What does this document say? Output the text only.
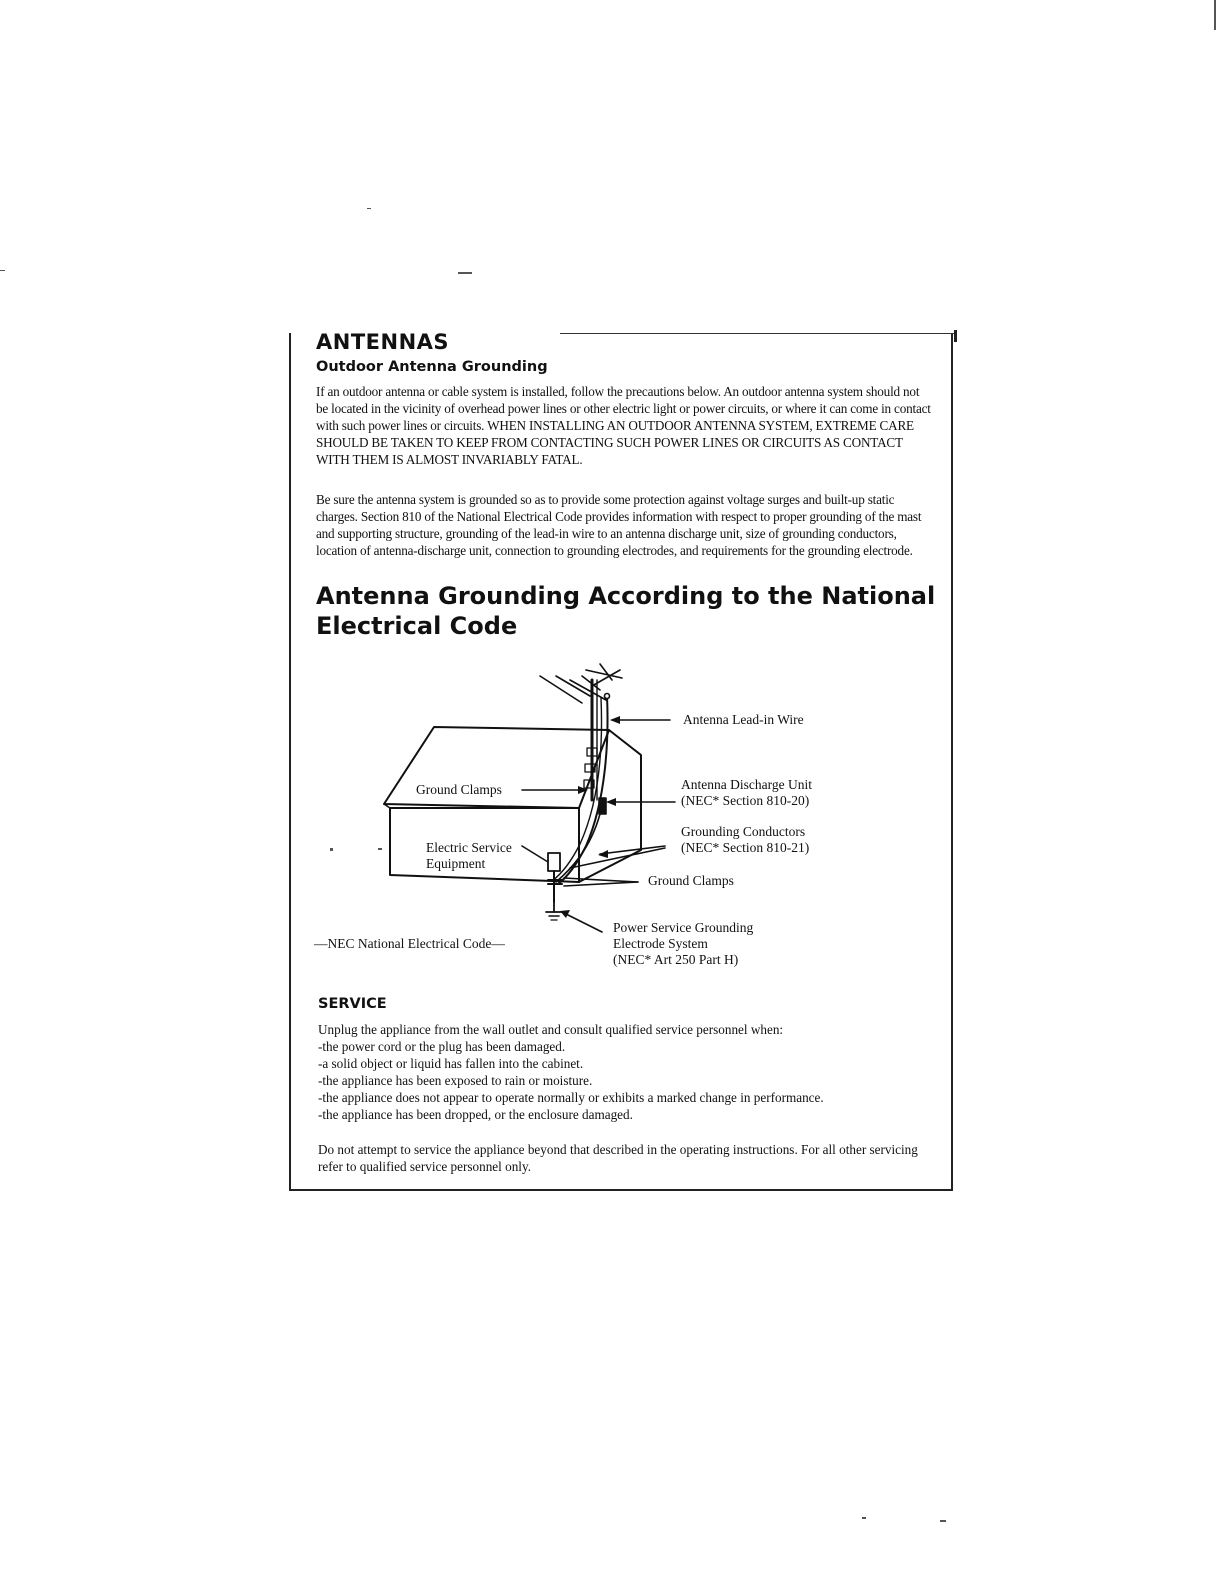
ANTENNAS
Outdoor Antenna Grounding

If an outdoor antenna or cable system is installed, follow the precautions below. An outdoor antenna system should not be located in the vicinity of overhead power lines or other electric light or power circuits, or where it can come in contact with such power lines or circuits. WHEN INSTALLING AN OUTDOOR ANTENNA SYSTEM, EXTREME CARE SHOULD BE TAKEN TO KEEP FROM CONTACTING SUCH POWER LINES OR CIRCUITS AS CONTACT WITH THEM IS ALMOST INVARIABLY FATAL.

Be sure the antenna system is grounded so as to provide some protection against voltage surges and built-up static charges. Section 810 of the National Electrical Code provides information with respect to proper grounding of the mast and supporting structure, grounding of the lead-in wire to an antenna discharge unit, size of grounding conductors, location of antenna-discharge unit, connection to grounding electrodes, and requirements for the grounding electrode.

Antenna Grounding According to the National Electrical Code
Antenna Lead-in Wire
Ground Clamps	Antenna Discharge Unit
(NEC* Section 810-20)
Electric Service
Equipment
Grounding Conductors
(NEC* Section 810-21)
Ground Clamps
Power Service Grounding
Electrode System
(NEC* Art 250 Part H)
—NEC National Electrical Code—
SERVICE
Unplug the appliance from the wall outlet and consult qualified service personnel when:
-the power cord or the plug has been damaged.
-a solid object or liquid has fallen into the cabinet.
-the appliance has been exposed to rain or moisture.
-the appliance does not appear to operate normally or exhibits a marked change in performance.
-the appliance has been dropped, or the enclosure damaged.

Do not attempt to service the appliance beyond that described in the operating instructions. For all other servicing refer to qualified service personnel only.
